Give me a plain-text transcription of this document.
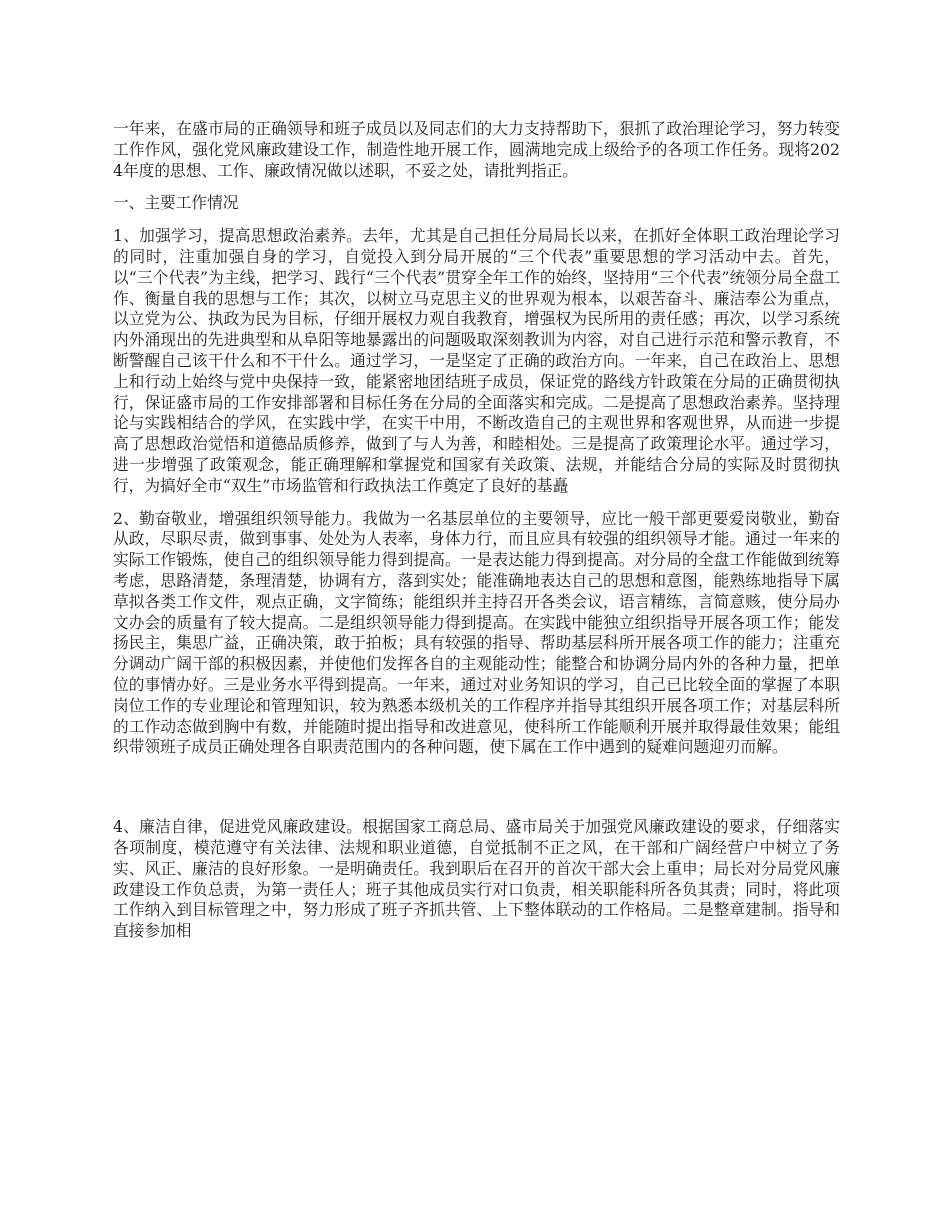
一年来，在盛市局的正确领导和班子成员以及同志们的大力支持帮助下，狠抓了政治理论学习，努力转变工作作风，强化党风廉政建设工作，制造性地开展工作，圆满地完成上级给予的各项工作任务。现将2024年度的思想、工作、廉政情况做以述职，不妥之处，请批判指正。

一、主要工作情况

1、加强学习，提高思想政治素养。去年，尤其是自己担任分局局长以来，在抓好全体职工政治理论学习的同时，注重加强自身的学习，自觉投入到分局开展的“三个代表”重要思想的学习活动中去。首先，以“三个代表”为主线，把学习、践行“三个代表”贯穿全年工作的始终，坚持用“三个代表”统领分局全盘工作、衡量自我的思想与工作；其次，以树立马克思主义的世界观为根本，以艰苦奋斗、廉洁奉公为重点，以立党为公、执政为民为目标，仔细开展权力观自我教育，增强权为民所用的责任感；再次，以学习系统内外涌现出的先进典型和从阜阳等地暴露出的问题吸取深刻教训为内容，对自己进行示范和警示教育，不断警醒自己该干什么和不干什么。通过学习，一是坚定了正确的政治方向。一年来，自己在政治上、思想上和行动上始终与党中央保持一致，能紧密地团结班子成员，保证党的路线方针政策在分局的正确贯彻执行，保证盛市局的工作安排部署和目标任务在分局的全面落实和完成。二是提高了思想政治素养。坚持理论与实践相结合的学风，在实践中学，在实干中用，不断改造自己的主观世界和客观世界，从而进一步提高了思想政治觉悟和道德品质修养，做到了与人为善，和睦相处。三是提高了政策理论水平。通过学习，进一步增强了政策观念，能正确理解和掌握党和国家有关政策、法规，并能结合分局的实际及时贯彻执行，为搞好全市“双生”市场监管和行政执法工作奠定了良好的基矗

2、勤奋敬业，增强组织领导能力。我做为一名基层单位的主要领导，应比一般干部更要爱岗敬业，勤奋从政，尽职尽责，做到事事、处处为人表率，身体力行，而且应具有较强的组织领导才能。通过一年来的实际工作锻炼，使自己的组织领导能力得到提高。一是表达能力得到提高。对分局的全盘工作能做到统筹考虑，思路清楚，条理清楚，协调有方，落到实处；能准确地表达自己的思想和意图，能熟练地指导下属草拟各类工作文件，观点正确，文字简练；能组织并主持召开各类会议，语言精练，言简意赅，使分局办文办会的质量有了较大提高。二是组织领导能力得到提高。在实践中能独立组织指导开展各项工作；能发扬民主，集思广益，正确决策，敢于拍板；具有较强的指导、帮助基层科所开展各项工作的能力；注重充分调动广阔干部的积极因素，并使他们发挥各自的主观能动性；能整合和协调分局内外的各种力量，把单位的事情办好。三是业务水平得到提高。一年来，通过对业务知识的学习，自己已比较全面的掌握了本职岗位工作的专业理论和管理知识，较为熟悉本级机关的工作程序并指导其组织开展各项工作；对基层科所的工作动态做到胸中有数，并能随时提出指导和改进意见，使科所工作能顺利开展并取得最佳效果；能组织带领班子成员正确处理各自职责范围内的各种问题，使下属在工作中遇到的疑难问题迎刃而解。

4、廉洁自律，促进党风廉政建设。根据国家工商总局、盛市局关于加强党风廉政建设的要求，仔细落实各项制度，模范遵守有关法律、法规和职业道德，自觉抵制不正之风，在干部和广阔经营户中树立了务实、风正、廉洁的良好形象。一是明确责任。我到职后在召开的首次干部大会上重申；局长对分局党风廉政建设工作负总责，为第一责任人；班子其他成员实行对口负责，相关职能科所各负其责；同时，将此项工作纳入到目标管理之中，努力形成了班子齐抓共管、上下整体联动的工作格局。二是整章建制。指导和直接参加相
